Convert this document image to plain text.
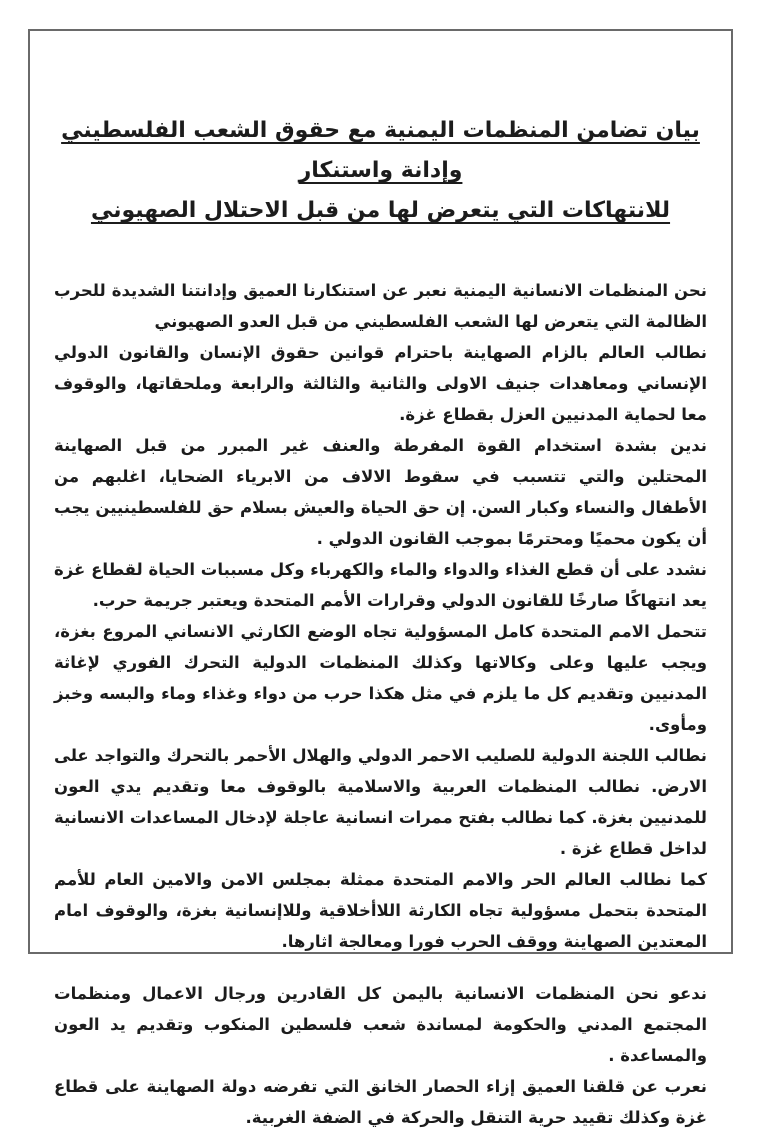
بيان تضامن المنظمات اليمنية مع حقوق الشعب الفلسطيني وإدانة واستنكار
للانتهاكات التي يتعرض لها من قبل الاحتلال الصهيوني

نحن المنظمات الانسانية اليمنية نعبر عن استنكارنا العميق وإدانتنا الشديدة للحرب الظالمة التي يتعرض لها الشعب الفلسطيني من قبل العدو الصهيوني

نطالب العالم بالزام الصهاينة باحترام قوانين حقوق الإنسان والقانون الدولي الإنساني ومعاهدات جنيف الاولى والثانية والثالثة والرابعة وملحقاتها، والوقوف معا لحماية المدنيين العزل بقطاع غزة.

ندين بشدة استخدام القوة المفرطة والعنف غير المبرر من قبل الصهاينة المحتلين والتي تتسبب في سقوط الالاف من الابرياء الضحايا، اغلبهم من الأطفال والنساء وكبار السن. إن حق الحياة والعيش بسلام حق للفلسطينيين يجب أن يكون محميًا ومحترمًا بموجب القانون الدولي .

نشدد على أن قطع الغذاء والدواء والماء والكهرباء وكل مسببات الحياة لقطاع غزة يعد انتهاكًا صارخًا للقانون الدولي وقرارات الأمم المتحدة ويعتبر جريمة حرب.

تتحمل الامم المتحدة كامل المسؤولية تجاه الوضع الكارثي الانساني المروع بغزة، ويجب عليها وعلى وكالاتها وكذلك المنظمات الدولية التحرك الفوري لإغاثة المدنيين وتقديم كل ما يلزم في مثل هكذا حرب من دواء وغذاء وماء والبسه وخبز ومأوى.

نطالب اللجنة الدولية للصليب الاحمر الدولي والهلال الأحمر بالتحرك والتواجد على الارض. نطالب المنظمات العربية والاسلامية بالوقوف معا وتقديم يدي العون للمدنيين بغزة. كما نطالب بفتح ممرات انسانية عاجلة لإدخال المساعدات الانسانية لداخل قطاع غزة .

كما نطالب العالم الحر والامم المتحدة ممثلة بمجلس الامن والامين العام للأمم المتحدة بتحمل مسؤولية تجاه الكارثة اللاأخلاقية وللاإنسانية بغزة، والوقوف امام المعتدين الصهاينة ووقف الحرب فورا ومعالجة اثارها.

ندعو نحن المنظمات الانسانية باليمن كل القادرين ورجال الاعمال ومنظمات المجتمع المدني والحكومة لمساندة شعب فلسطين المنكوب وتقديم يد العون والمساعدة .

نعرب عن قلقنا العميق إزاء الحصار الخانق التي تفرضه دولة الصهاينة على قطاع غزة وكذلك تقييد حرية التنقل والحركة في الضفة الغربية.
